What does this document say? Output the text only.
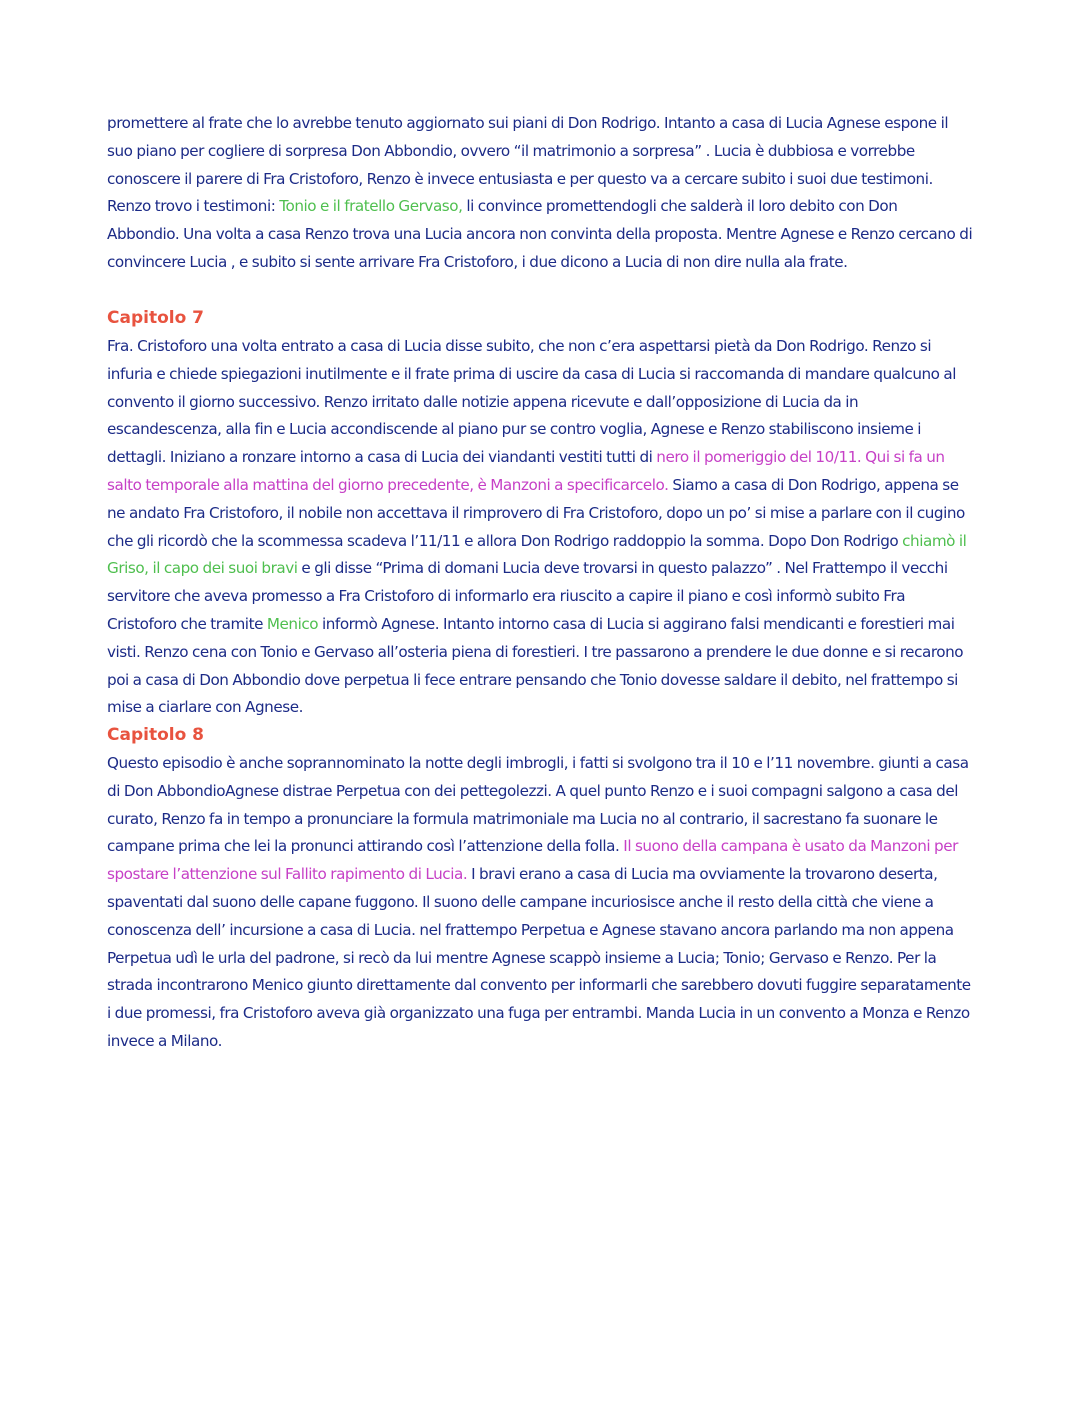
promettere al frate che lo avrebbe tenuto aggiornato sui piani di Don Rodrigo. Intanto a casa di Lucia Agnese espone il suo piano per cogliere di sorpresa Don Abbondio, ovvero “il matrimonio a sorpresa” . Lucia è dubbiosa e vorrebbe conoscere il parere di Fra Cristoforo, Renzo è invece entusiasta e per questo va a cercare subito i suoi due testimoni. Renzo trovo i testimoni: Tonio e il fratello Gervaso, li convince promettendogli che salderà il loro debito con Don Abbondio. Una volta a casa Renzo trova una Lucia ancora non convinta della proposta. Mentre Agnese e Renzo cercano di convincere Lucia , e subito si sente arrivare Fra Cristoforo, i due dicono a Lucia di non dire nulla ala frate.

Capitolo 7

Fra. Cristoforo una volta entrato a casa di Lucia disse subito, che non c’era aspettarsi pietà da Don Rodrigo. Renzo si infuria e chiede spiegazioni inutilmente e il frate prima di uscire da casa di Lucia si raccomanda di mandare qualcuno al convento il giorno successivo. Renzo irritato dalle notizie appena ricevute e dall’opposizione di Lucia da in escandescenza, alla fin e Lucia accondiscende al piano pur se contro voglia, Agnese e Renzo stabiliscono insieme i dettagli. Iniziano a ronzare intorno a casa di Lucia dei viandanti vestiti tutti di nero il pomeriggio del 10/11. Qui si fa un salto temporale alla mattina del giorno precedente, è Manzoni a specificarcelo. Siamo a casa di Don Rodrigo, appena se ne andato Fra Cristoforo, il nobile non accettava il rimprovero di Fra Cristoforo, dopo un po’ si mise a parlare con il cugino che gli ricordò che la scommessa scadeva l’11/11 e allora Don Rodrigo raddoppio la somma. Dopo Don Rodrigo chiamò il Griso, il capo dei suoi bravi e gli disse “Prima di domani Lucia deve trovarsi in questo palazzo” . Nel Frattempo il vecchi servitore che aveva promesso a Fra Cristoforo di informarlo era riuscito a capire il piano e così informò subito Fra Cristoforo che tramite Menico informò Agnese. Intanto intorno casa di Lucia si aggirano falsi mendicanti e forestieri mai visti. Renzo cena con Tonio e Gervaso all’osteria piena di forestieri. I tre passarono a prendere le due donne e si recarono poi a casa di Don Abbondio dove perpetua li fece entrare pensando che Tonio dovesse saldare il debito, nel frattempo si mise a ciarlare con Agnese.

Capitolo 8

Questo episodio è anche soprannominato la notte degli imbrogli, i fatti si svolgono tra il 10 e l’11 novembre. giunti a casa di Don AbbondioAgnese distrae Perpetua con dei pettegolezzi. A quel punto Renzo e i suoi compagni salgono a casa del curato, Renzo fa in tempo a pronunciare la formula matrimoniale ma Lucia no al contrario, il sacrestano fa suonare le campane prima che lei la pronunci attirando così l’attenzione della folla. Il suono della campana è usato da Manzoni per spostare l’attenzione sul Fallito rapimento di Lucia. I bravi erano a casa di Lucia ma ovviamente la trovarono deserta, spaventati dal suono delle capane fuggono. Il suono delle campane incuriosisce anche il resto della città che viene a conoscenza dell’ incursione a casa di Lucia. nel frattempo Perpetua e Agnese stavano ancora parlando ma non appena Perpetua udì le urla del padrone, si recò da lui mentre Agnese scappò insieme a Lucia; Tonio; Gervaso e Renzo. Per la strada incontrarono Menico giunto direttamente dal convento per informarli che sarebbero dovuti fuggire separatamente i due promessi, fra Cristoforo aveva già organizzato una fuga per entrambi. Manda Lucia in un convento a Monza e Renzo invece a Milano.
